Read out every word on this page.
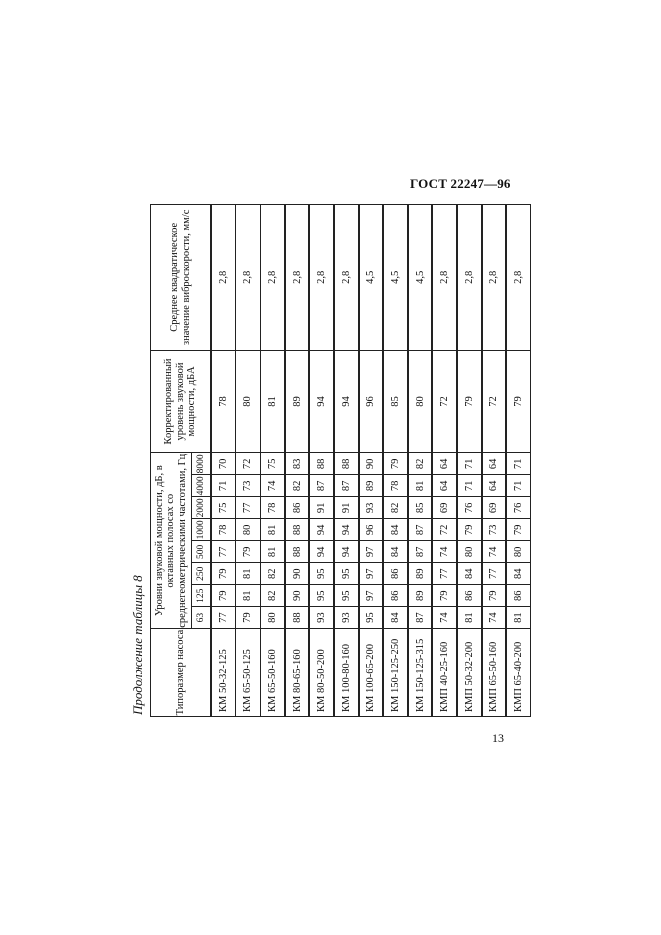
ГОСТ 22247—96
Продолжение таблицы 8	Типоразмер насоса	Уровни звуковой мощности, дБ, в октавных полосах со среднегеометрическими частотами, Гц								Корректированный уровень звуковой мощности, дБА	Среднее квадратическое значение виброскорости, мм/с
	63	125	250	500	1000	2000	4000	8000		
КМ 50-32-125	77	79	79	77	78	75	71	70	78	2,8
КМ 65-50-125	79	81	81	79	80	77	73	72	80	2,8
КМ 65-50-160	80	82	82	81	81	78	74	75	81	2,8
КМ 80-65-160	88	90	90	88	88	86	82	83	89	2,8
КМ 80-50-200	93	95	95	94	94	91	87	88	94	2,8
КМ 100-80-160	93	95	95	94	94	91	87	88	94	2,8
КМ 100-65-200	95	97	97	97	96	93	89	90	96	4,5
КМ 150-125-250	84	86	86	84	84	82	78	79	85	4,5
КМ 150-125-315	87	89	89	87	87	85	81	82	80	4,5
КМП 40-25-160	74	79	77	74	72	69	64	64	72	2,8
КМП 50-32-200	81	86	84	80	79	76	71	71	79	2,8
КМП 65-50-160	74	79	77	74	73	69	64	64	72	2,8
КМП 65-40-200	81	86	84	80	79	76	71	71	79	2,8
13
